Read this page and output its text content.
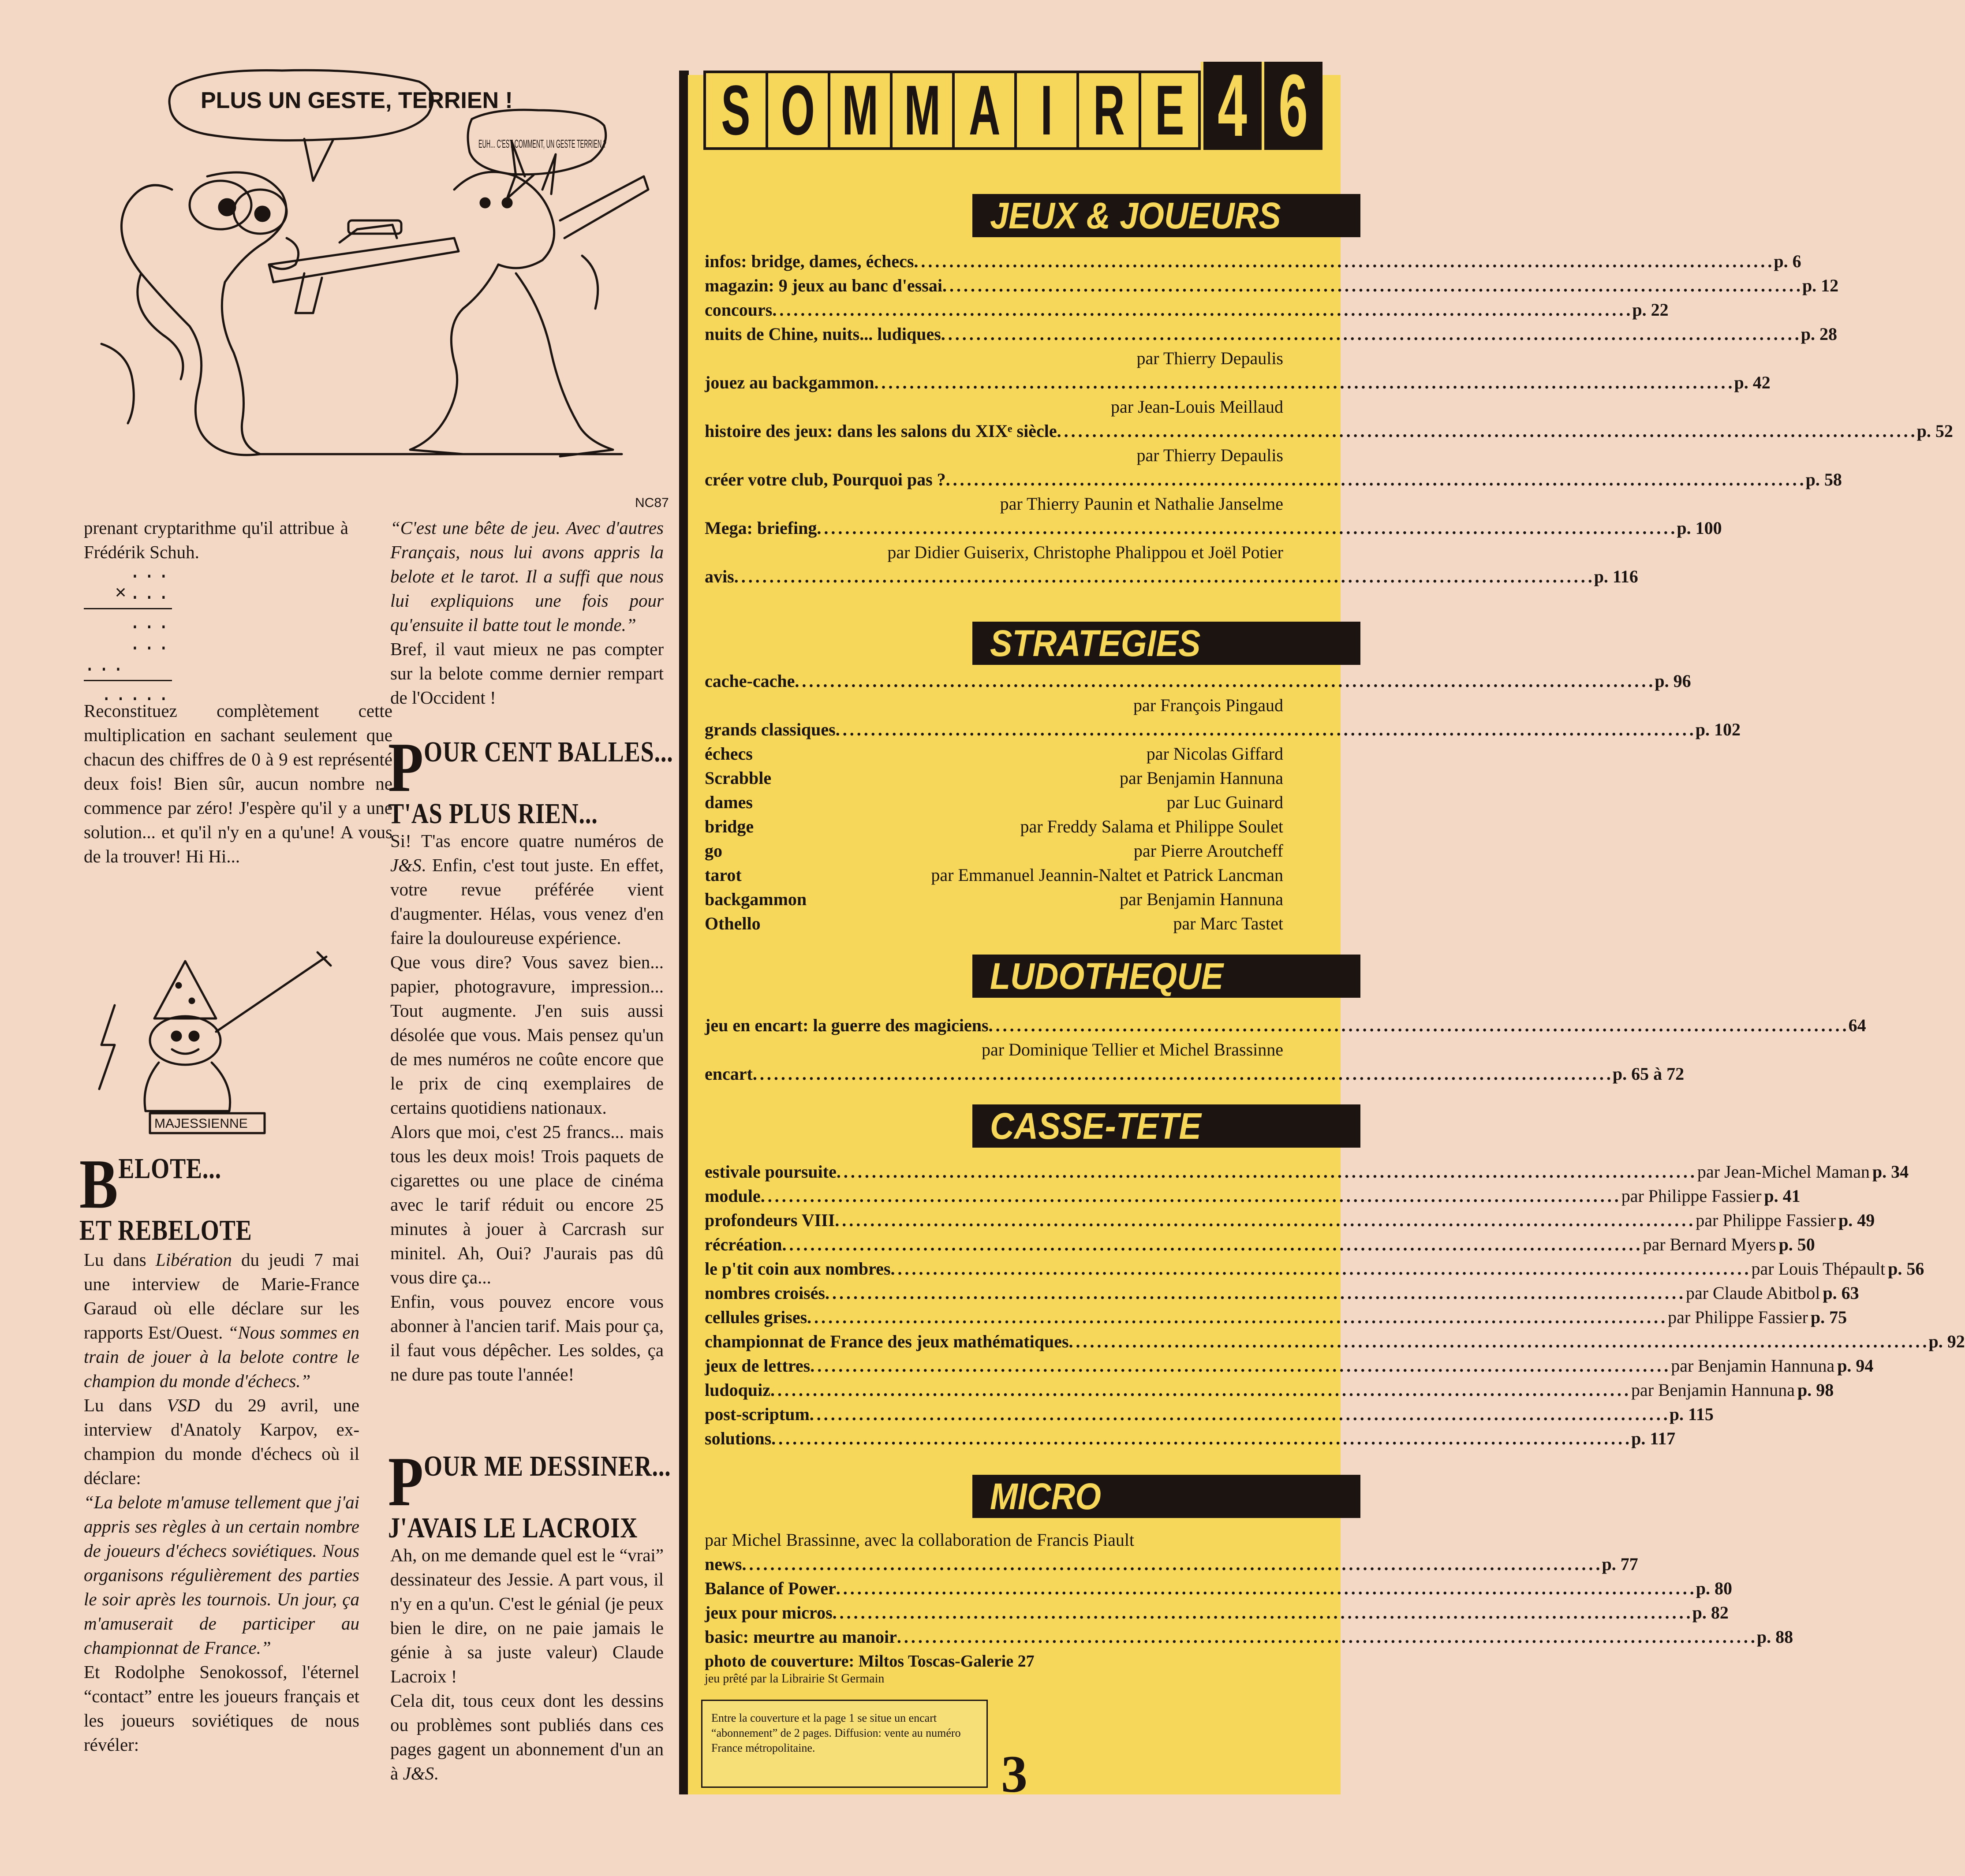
PLUS UN GESTE, TERRIEN !
EUH... C'EST COMMENT, UN GESTE TERRIEN ?
NC87

prenant cryptarithme qu'il attribue à Frédérik Schuh.

...
×...
...
...
...
.....

Reconstituez complètement cette multiplication en sachant seulement que chacun des chiffres de 0 à 9 est représenté deux fois! Bien sûr, aucun nombre ne commence par zéro! J'espère qu'il y a une solution... et qu'il n'y en a qu'une! A vous de la trouver! Hi Hi...

MAJESSIENNE
BELOTE...
ET REBELOTE

Lu dans Libération du jeudi 7 mai une interview de Marie-France Garaud où elle déclare sur les rapports Est/Ouest. “Nous sommes en train de jouer à la belote contre le champion du monde d'échecs.”

Lu dans VSD du 29 avril, une interview d'Anatoly Karpov, ex-champion du monde d'échecs où il déclare:

“La belote m'amuse tellement que j'ai appris ses règles à un certain nombre de joueurs d'échecs soviétiques. Nous organisons régulièrement des parties le soir après les tournois. Un jour, ça m'amuserait de participer au championnat de France.”

Et Rodolphe Senokossof, l'éternel “contact” entre les joueurs français et les joueurs soviétiques de nous révéler:

“C'est une bête de jeu. Avec d'autres Français, nous lui avons appris la belote et le tarot. Il a suffi que nous lui expliquions une fois pour qu'ensuite il batte tout le monde.”

Bref, il vaut mieux ne pas compter sur la belote comme dernier rempart de l'Occident !

POUR CENT BALLES...
T'AS PLUS RIEN...

Si! T'as encore quatre numéros de J&S. Enfin, c'est tout juste. En effet, votre revue préférée vient d'augmenter. Hélas, vous venez d'en faire la douloureuse expérience.

Que vous dire? Vous savez bien... papier, photogravure, impression... Tout augmente. J'en suis aussi désolée que vous. Mais pensez qu'un de mes numéros ne coûte encore que le prix de cinq exemplaires de certains quotidiens nationaux.

Alors que moi, c'est 25 francs... mais tous les deux mois! Trois paquets de cigarettes ou une place de cinéma avec le tarif réduit ou encore 25 minutes à jouer à Carcrash sur minitel. Ah, Oui? J'aurais pas dû vous dire ça...

Enfin, vous pouvez encore vous abonner à l'ancien tarif. Mais pour ça, il faut vous dépêcher. Les soldes, ça ne dure pas toute l'année!

POUR ME DESSINER...
J'AVAIS LE LACROIX

Ah, on me demande quel est le “vrai” dessinateur des Jessie. A part vous, il n'y en a qu'un. C'est le génial (je peux bien le dire, on ne paie jamais le génie à sa juste valeur) Claude Lacroix !

Cela dit, tous ceux dont les dessins ou problèmes sont publiés dans ces pages gagent un abonnement d'un an à J&S.

S O M M A I R E 4 6
JEUX & JOUEURS
infos: bridge, dames, échecs . . .	p. 6
magazin: 9 jeux au banc d'essai . . .	p. 12
concours . . .	p. 22
nuits de Chine, nuits... ludiques . . .	p. 28
par Thierry Depaulis
jouez au backgammon . . .	p. 42
par Jean-Louis Meillaud
histoire des jeux: dans les salons du XIXᵉ siècle . . .	p. 52
par Thierry Depaulis
créer votre club, Pourquoi pas ? . . .	p. 58
par Thierry Paunin et Nathalie Janselme
Mega: briefing . . .	p. 100
par Didier Guiserix, Christophe Phalippou et Joël Potier
avis . . .	p. 116
STRATEGIES
cache-cache . . .	p. 96
par François Pingaud
grands classiques . . .	p. 102
échecs	par Nicolas Giffard
Scrabble	par Benjamin Hannuna
dames	par Luc Guinard
bridge	par Freddy Salama et Philippe Soulet
go	par Pierre Aroutcheff
tarot	par Emmanuel Jeannin-Naltet et Patrick Lancman
backgammon	par Benjamin Hannuna
Othello	par Marc Tastet
LUDOTHEQUE
jeu en encart: la guerre des magiciens . . .	64
par Dominique Tellier et Michel Brassinne
encart . . .	p. 65 à 72
CASSE-TETE
estivale poursuite . . .	par Jean-Michel Maman p. 34
module . . .	par Philippe Fassier p. 41
profondeurs VIII . . .	par Philippe Fassier p. 49
récréation . . .	par Bernard Myers p. 50
le p'tit coin aux nombres . . .	par Louis Thépault p. 56
nombres croisés . . .	par Claude Abitbol p. 63
cellules grises . . .	par Philippe Fassier p. 75
championnat de France des jeux mathématiques . . .	p. 92
jeux de lettres . . .	par Benjamin Hannuna p. 94
ludoquiz . . .	par Benjamin Hannuna p. 98
post-scriptum . . .	p. 115
solutions . . .	p. 117
MICRO
par Michel Brassinne, avec la collaboration de Francis Piault
news . . .	p. 77
Balance of Power . . .	p. 80
jeux pour micros . . .	p. 82
basic: meurtre au manoir . . .	p. 88
photo de couverture: Miltos Toscas-Galerie 27
jeu prêté par la Librairie St Germain
Entre la couverture et la page 1 se situe un encart “abonnement” de 2 pages. Diffusion: vente au numéro France métropolitaine.	3
